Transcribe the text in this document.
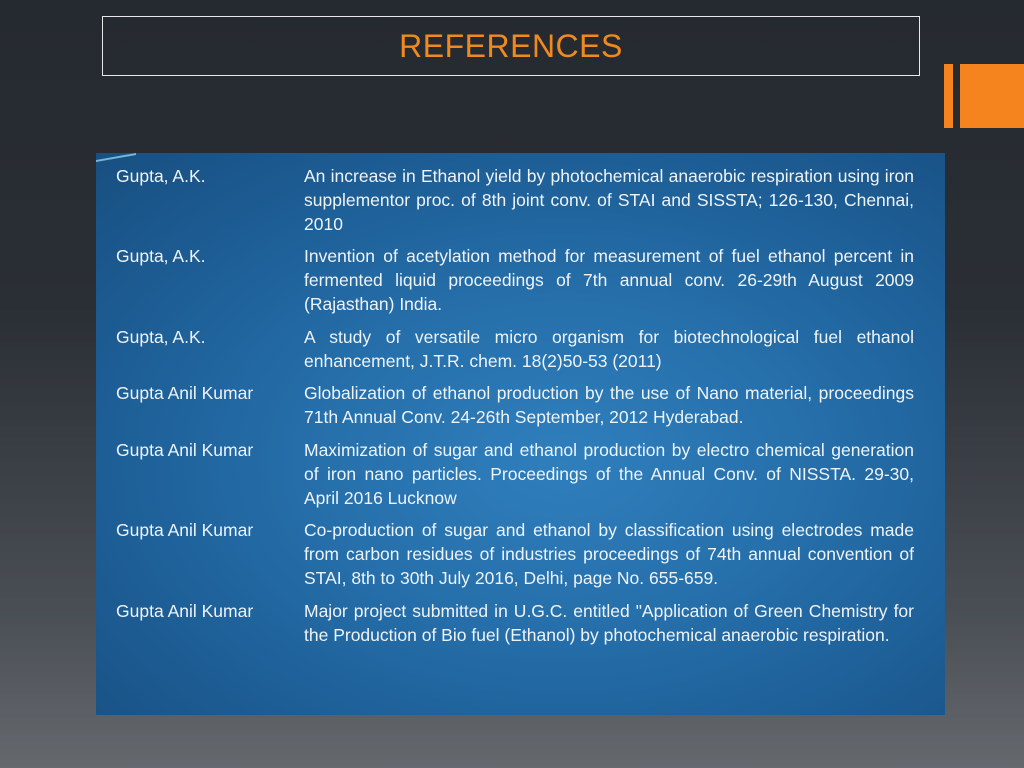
REFERENCES
Gupta, A.K.	An increase in Ethanol yield by photochemical anaerobic respiration using iron supplementor proc. of 8th joint conv. of STAI and SISSTA; 126-130, Chennai, 2010
Gupta, A.K.	Invention of acetylation method for measurement of fuel ethanol percent in fermented liquid proceedings of 7th annual conv. 26-29th August 2009 (Rajasthan) India.
Gupta, A.K.	A study of versatile micro organism for biotechnological fuel ethanol enhancement, J.T.R. chem. 18(2)50-53 (2011)
Gupta Anil Kumar	Globalization of ethanol production by the use of Nano material, proceedings 71th Annual Conv. 24-26th September, 2012 Hyderabad.
Gupta Anil Kumar	Maximization of sugar and ethanol production by electro chemical generation of iron nano particles. Proceedings of the Annual Conv. of NISSTA. 29-30, April 2016 Lucknow
Gupta Anil Kumar	Co-production of sugar and ethanol by classification using electrodes made from carbon residues of industries proceedings of 74th annual convention of STAI, 8th to 30th July 2016, Delhi, page No. 655-659.
Gupta Anil Kumar	Major project submitted in U.G.C. entitled "Application of Green Chemistry for the Production of Bio fuel (Ethanol) by photochemical anaerobic respiration.
